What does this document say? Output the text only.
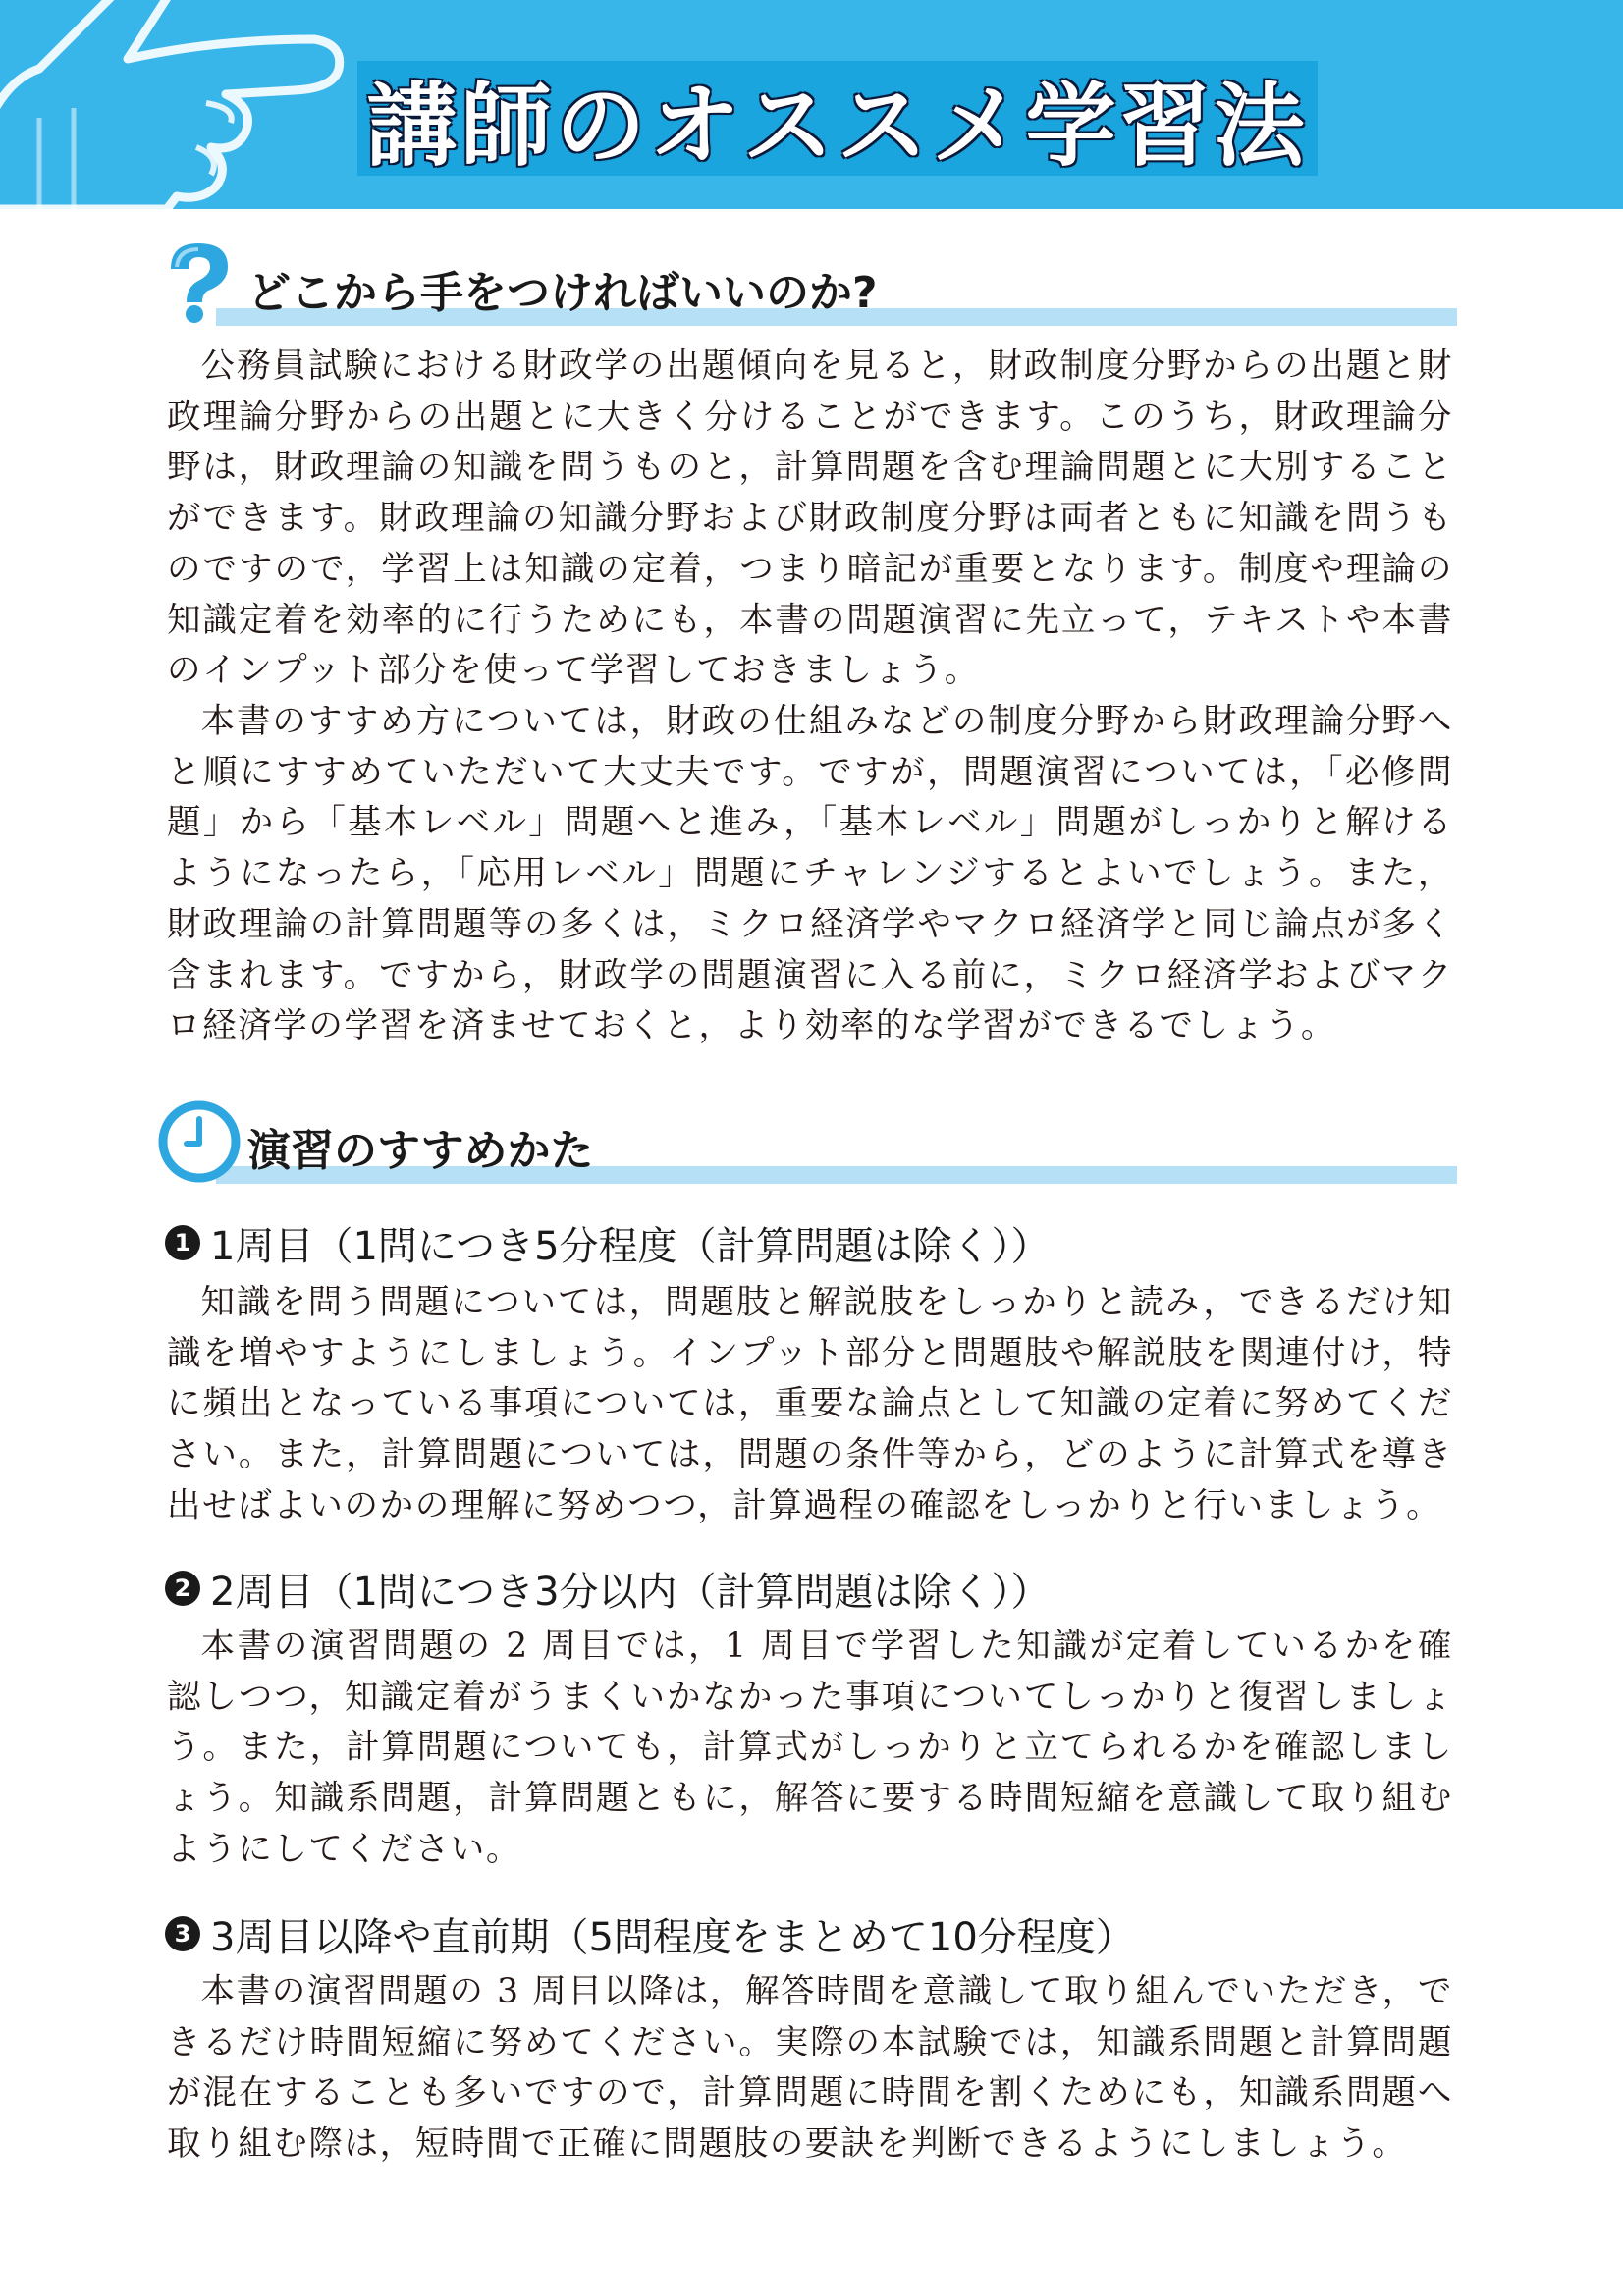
講師のオススメ学習法
どこから手をつければいいのか?

公務員試験における財政学の出題傾向を見ると，財政制度分野からの出題と財政理論分野からの出題とに大きく分けることができます。このうち，財政理論分野は，財政理論の知識を問うものと，計算問題を含む理論問題とに大別することができます。財政理論の知識分野および財政制度分野は両者ともに知識を問うものですので，学習上は知識の定着，つまり暗記が重要となります。制度や理論の知識定着を効率的に行うためにも，本書の問題演習に先立って，テキストや本書のインプット部分を使って学習しておきましょう。

本書のすすめ方については，財政の仕組みなどの制度分野から財政理論分野へと順にすすめていただいて大丈夫です。ですが，問題演習については，「必修問題」から「基本レベル」問題へと進み，「基本レベル」問題がしっかりと解けるようになったら，「応用レベル」問題にチャレンジするとよいでしょう。また，財政理論の計算問題等の多くは，ミクロ経済学やマクロ経済学と同じ論点が多く含まれます。ですから，財政学の問題演習に入る前に，ミクロ経済学およびマクロ経済学の学習を済ませておくと，より効率的な学習ができるでしょう。

演習のすすめかた
1 1周目（1問につき5分程度（計算問題は除く））

知識を問う問題については，問題肢と解説肢をしっかりと読み，できるだけ知識を増やすようにしましょう。インプット部分と問題肢や解説肢を関連付け，特に頻出となっている事項については，重要な論点として知識の定着に努めてください。また，計算問題については，問題の条件等から，どのように計算式を導き出せばよいのかの理解に努めつつ，計算過程の確認をしっかりと行いましょう。

2 2周目（1問につき3分以内（計算問題は除く））

本書の演習問題の 2 周目では，1 周目で学習した知識が定着しているかを確認しつつ，知識定着がうまくいかなかった事項についてしっかりと復習しましょう。また，計算問題についても，計算式がしっかりと立てられるかを確認しましょう。知識系問題，計算問題ともに，解答に要する時間短縮を意識して取り組むようにしてください。

3 3周目以降や直前期（5問程度をまとめて10分程度）

本書の演習問題の 3 周目以降は，解答時間を意識して取り組んでいただき，できるだけ時間短縮に努めてください。実際の本試験では，知識系問題と計算問題が混在することも多いですので，計算問題に時間を割くためにも，知識系問題へ取り組む際は，短時間で正確に問題肢の要訣を判断できるようにしましょう。
